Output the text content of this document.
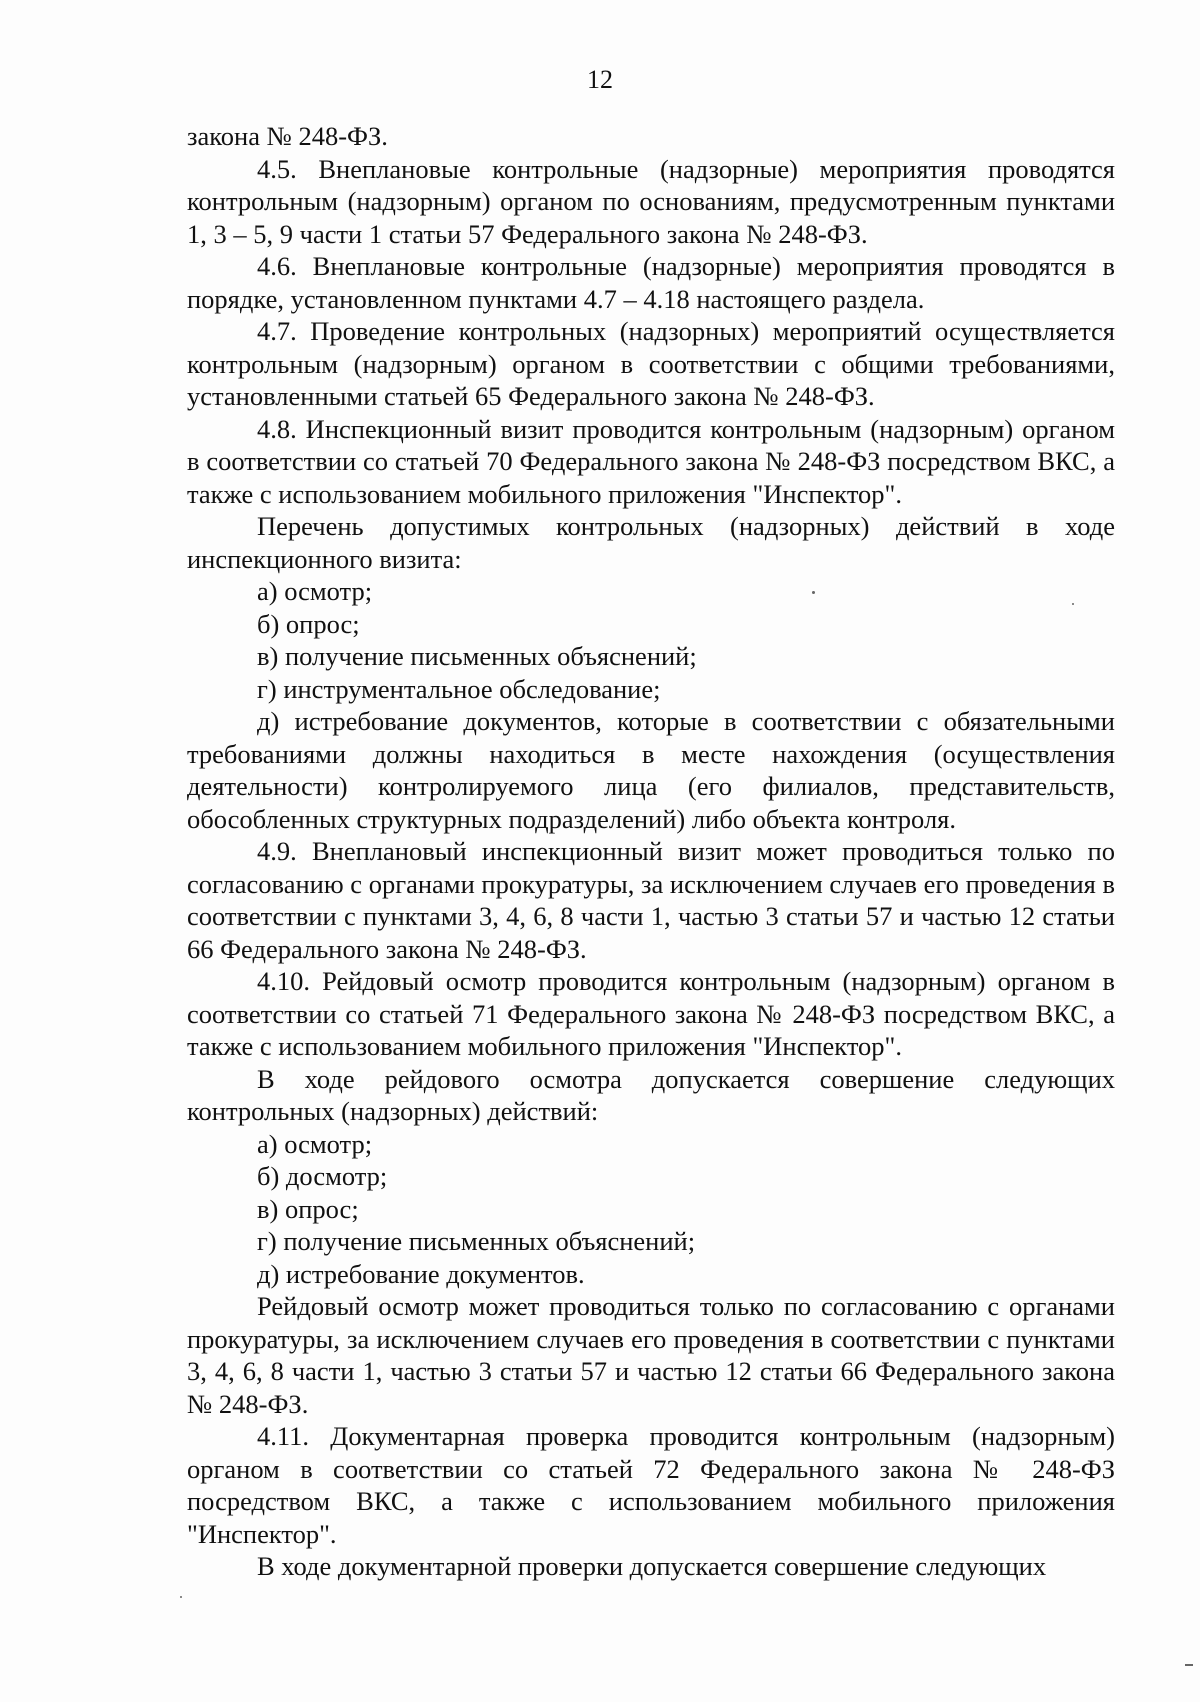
12

закона № 248-ФЗ.

4.5. Внеплановые контрольные (надзорные) мероприятия проводятся контрольным (надзорным) органом по основаниям, предусмотренным пунктами 1, 3 – 5, 9 части 1 статьи 57 Федерального закона № 248-ФЗ.

4.6. Внеплановые контрольные (надзорные) мероприятия проводятся в порядке, установленном пунктами 4.7 – 4.18 настоящего раздела.

4.7. Проведение контрольных (надзорных) мероприятий осуществляется контрольным (надзорным) органом в соответствии с общими требованиями, установленными статьей 65 Федерального закона № 248-ФЗ.

4.8. Инспекционный визит проводится контрольным (надзорным) органом в соответствии со статьей 70 Федерального закона № 248-ФЗ посредством ВКС, а также с использованием мобильного приложения "Инспектор".

Перечень допустимых контрольных (надзорных) действий в ходе инспекционного визита:

а) осмотр;

б) опрос;

в) получение письменных объяснений;

г) инструментальное обследование;

д) истребование документов, которые в соответствии с обязательными требованиями должны находиться в месте нахождения (осуществления деятельности) контролируемого лица (его филиалов, представительств, обособленных структурных подразделений) либо объекта контроля.

4.9. Внеплановый инспекционный визит может проводиться только по согласованию с органами прокуратуры, за исключением случаев его проведения в соответствии с пунктами 3, 4, 6, 8 части 1, частью 3 статьи 57 и частью 12 статьи 66 Федерального закона № 248-ФЗ.

4.10. Рейдовый осмотр проводится контрольным (надзорным) органом в соответствии со статьей 71 Федерального закона № 248-ФЗ посредством ВКС, а также с использованием мобильного приложения "Инспектор".

В ходе рейдового осмотра допускается совершение следующих контрольных (надзорных) действий:

а) осмотр;

б) досмотр;

в) опрос;

г) получение письменных объяснений;

д) истребование документов.

Рейдовый осмотр может проводиться только по согласованию с органами прокуратуры, за исключением случаев его проведения в соответствии с пунктами 3, 4, 6, 8 части 1, частью 3 статьи 57 и частью 12 статьи 66 Федерального закона № 248-ФЗ.

4.11. Документарная проверка проводится контрольным (надзорным) органом в соответствии со статьей 72 Федерального закона № 248-ФЗ посредством ВКС, а также с использованием мобильного приложения "Инспектор".

В ходе документарной проверки допускается совершение следующих
